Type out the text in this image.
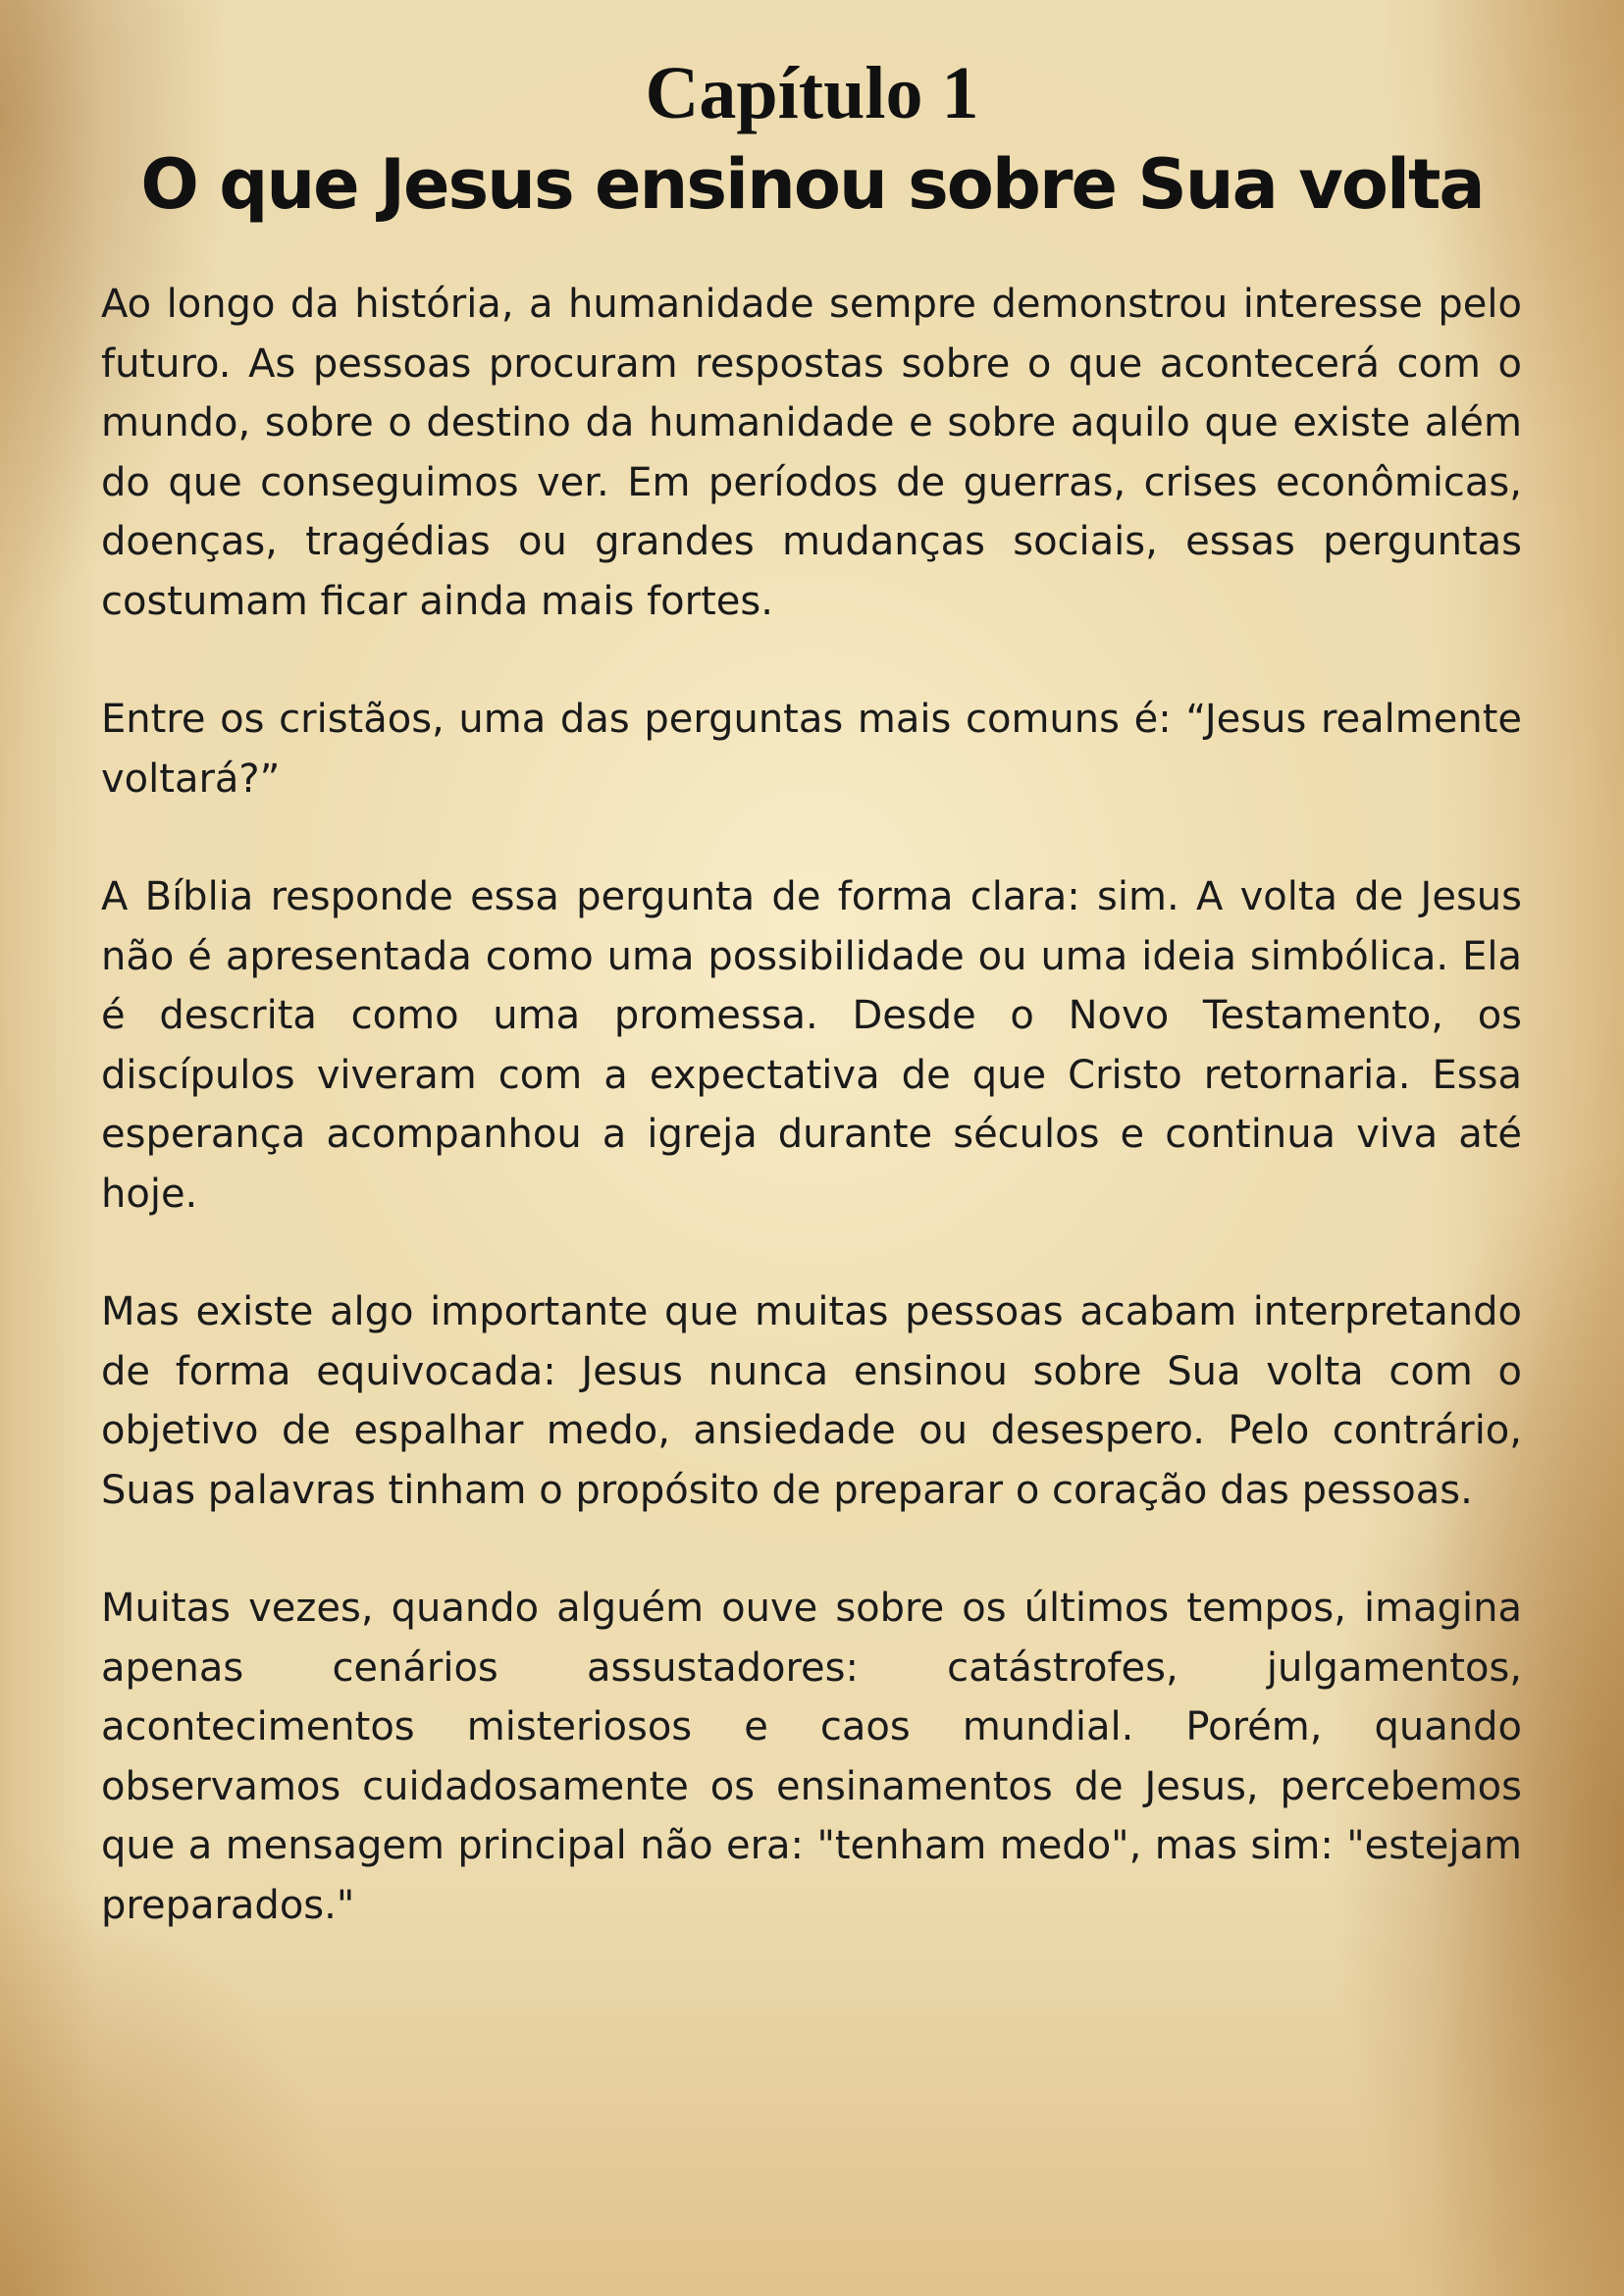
Capítulo 1
O que Jesus ensinou sobre Sua volta

Ao longo da história, a humanidade sempre demonstrou interesse pelo futuro. As pessoas procuram respostas sobre o que acontecerá com o mundo, sobre o destino da humanidade e sobre aquilo que existe além do que conseguimos ver. Em períodos de guerras, crises econômicas, doenças, tragédias ou grandes mudanças sociais, essas perguntas costumam ficar ainda mais fortes.

Entre os cristãos, uma das perguntas mais comuns é: “Jesus realmente voltará?”

A Bíblia responde essa pergunta de forma clara: sim. A volta de Jesus não é apresentada como uma possibilidade ou uma ideia simbólica. Ela é descrita como uma promessa. Desde o Novo Testamento, os discípulos viveram com a expectativa de que Cristo retornaria. Essa esperança acompanhou a igreja durante séculos e continua viva até hoje.

Mas existe algo importante que muitas pessoas acabam interpretando de forma equivocada: Jesus nunca ensinou sobre Sua volta com o objetivo de espalhar medo, ansiedade ou desespero. Pelo contrário, Suas palavras tinham o propósito de preparar o coração das pessoas.

Muitas vezes, quando alguém ouve sobre os últimos tempos, imagina apenas cenários assustadores: catástrofes, julgamentos, acontecimentos misteriosos e caos mundial. Porém, quando observamos cuidadosamente os ensinamentos de Jesus, percebemos que a mensagem principal não era: "tenham medo", mas sim: "estejam preparados."
